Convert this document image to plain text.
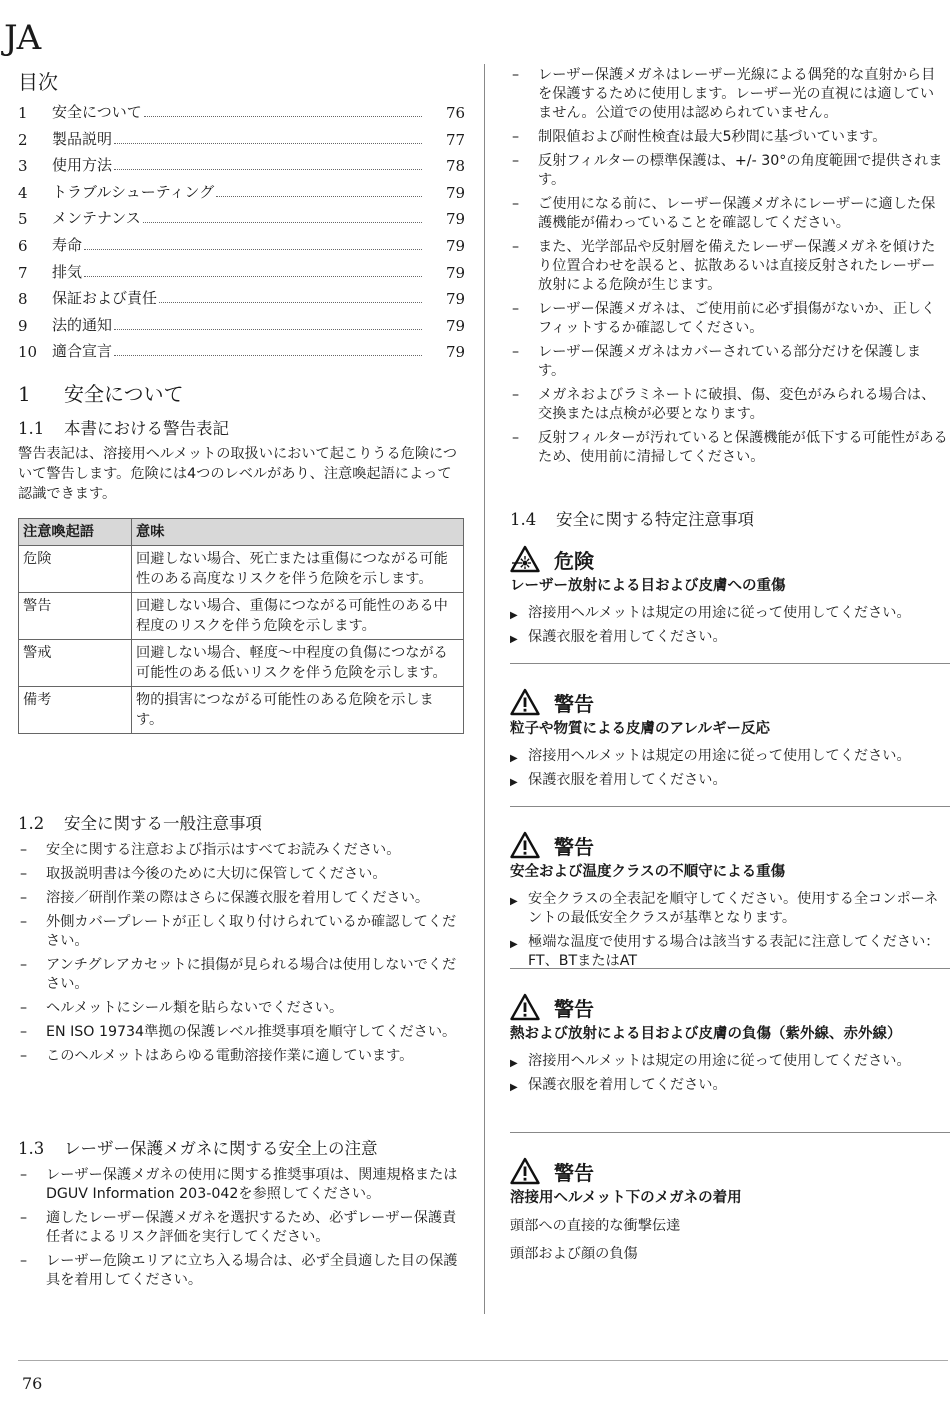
JA
目次
1	安全について	76
2	製品説明	77
3	使用方法	78
4	トラブルシューティング	79
5	メンテナンス	79
6	寿命	79
7	排気	79
8	保証および責任	79
9	法的通知	79
10 適合宣言	79
1 安全について
1.1 本書における警告表記
警告表記は、溶接用ヘルメットの取扱いにおいて起こりうる危険について警告します。危険には4つのレベルがあり、注意喚起語によって認識できます。
注意喚起語	意味
危険	回避しない場合、死亡または重傷につながる可能性のある高度なリスクを伴う危険を示します。
警告	回避しない場合、重傷につながる可能性のある中程度のリスクを伴う危険を示します。
警戒	回避しない場合、軽度〜中程度の負傷につながる可能性のある低いリスクを伴う危険を示します。
備考	物的損害につながる可能性のある危険を示します。
1.2 安全に関する一般注意事項
– 安全に関する注意および指示はすべてお読みください。
– 取扱説明書は今後のために大切に保管してください。
– 溶接／研削作業の際はさらに保護衣服を着用してください。
– 外側カバープレートが正しく取り付けられているか確認してください。
– アンチグレアカセットに損傷が見られる場合は使用しないでください。
– ヘルメットにシール類を貼らないでください。
– EN ISO 19734準拠の保護レベル推奨事項を順守してください。
– このヘルメットはあらゆる電動溶接作業に適しています。
1.3 レーザー保護メガネに関する安全上の注意
– レーザー保護メガネの使用に関する推奨事項は、関連規格またはDGUV Information 203-042を参照してください。
– 適したレーザー保護メガネを選択するため、必ずレーザー保護責任者によるリスク評価を実行してください。
– レーザー危険エリアに立ち入る場合は、必ず全員適した目の保護具を着用してください。
– レーザー保護メガネはレーザー光線による偶発的な直射から目を保護するために使用します。レーザー光の直視には適していません。公道での使用は認められていません。
– 制限値および耐性検査は最大5秒間に基づいています。
– 反射フィルターの標準保護は、+/- 30°の角度範囲で提供されます。
– ご使用になる前に、レーザー保護メガネにレーザーに適した保護機能が備わっていることを確認してください。
– また、光学部品や反射層を備えたレーザー保護メガネを傾けたり位置合わせを誤ると、拡散あるいは直接反射されたレーザー放射による危険が生じます。
– レーザー保護メガネは、ご使用前に必ず損傷がないか、正しくフィットするか確認してください。
– レーザー保護メガネはカバーされている部分だけを保護します。
– メガネおよびラミネートに破損、傷、変色がみられる場合は、交換または点検が必要となります。
– 反射フィルターが汚れていると保護機能が低下する可能性があるため、使用前に清掃してください。
1.4 安全に関する特定注意事項
危険
レーザー放射による目および皮膚への重傷
▶ 溶接用ヘルメットは規定の用途に従って使用してください。
▶ 保護衣服を着用してください。
警告
粒子や物質による皮膚のアレルギー反応
▶ 溶接用ヘルメットは規定の用途に従って使用してください。
▶ 保護衣服を着用してください。
警告
安全および温度クラスの不順守による重傷
▶ 安全クラスの全表記を順守してください。使用する全コンポーネントの最低安全クラスが基準となります。
▶ 極端な温度で使用する場合は該当する表記に注意してください：FT、BTまたはAT
警告
熱および放射による目および皮膚の負傷（紫外線、赤外線）
▶ 溶接用ヘルメットは規定の用途に従って使用してください。
▶ 保護衣服を着用してください。
警告
溶接用ヘルメット下のメガネの着用
頭部への直接的な衝撃伝達
頭部および顔の負傷
76
